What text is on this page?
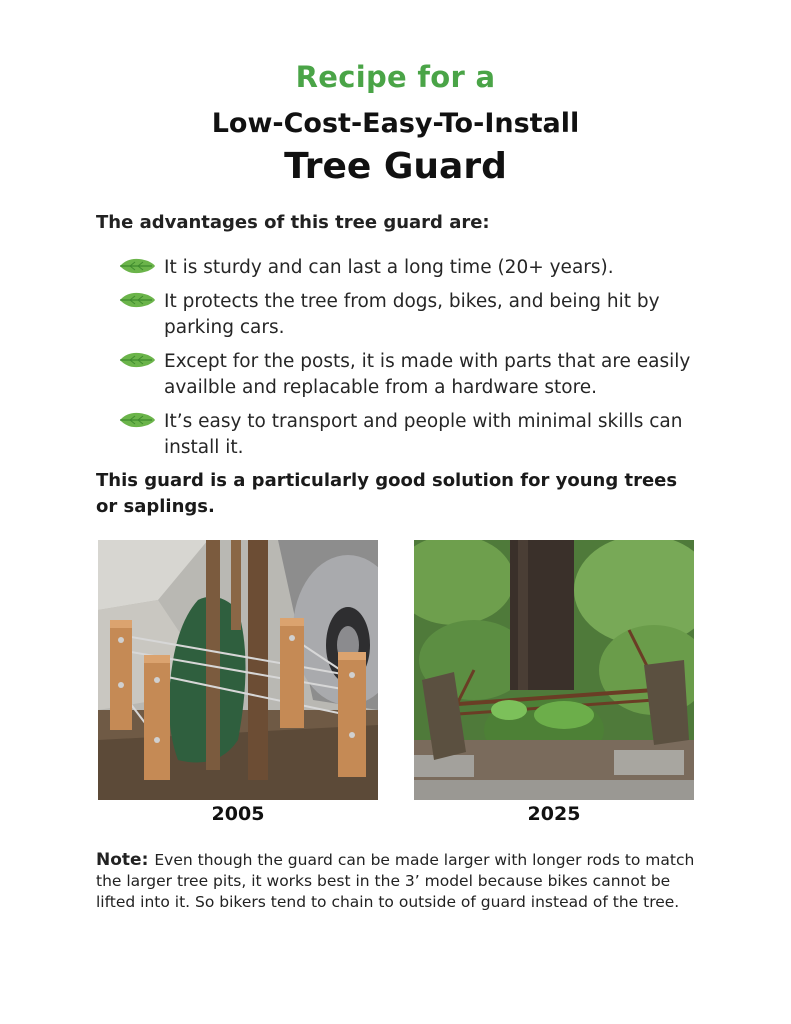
Recipe for a
Low-Cost-Easy-To-Install
Tree Guard
The advantages of this tree guard are:
It is sturdy and can last a long time (20+ years).
It protects the tree from dogs, bikes, and being hit by parking cars.
Except for the posts, it is made with parts that are easily availble and replacable from a hardware store.
It’s easy to transport and people with minimal skills can install it.
This guard is a particularly good solution for young trees or saplings.
2005	2025
Note: Even though the guard can be made larger with longer rods to match the larger tree pits, it works best in the 3’ model because bikes cannot be lifted into it. So bikers tend to chain to outside of guard instead of the tree.
